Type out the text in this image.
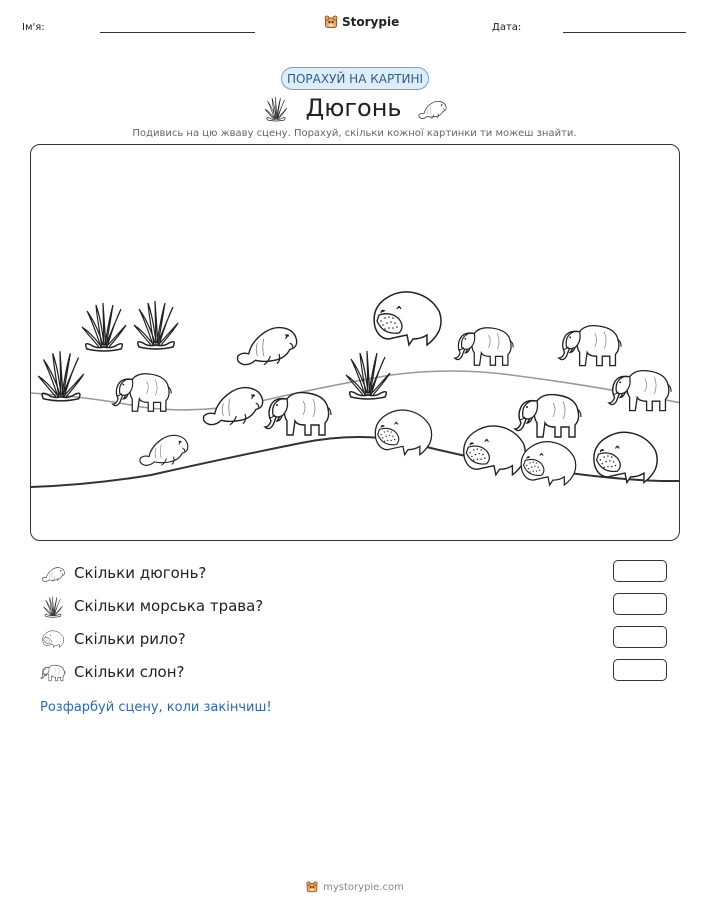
Ім'я:	Storypie	Дата:
ПОРАХУЙ НА КАРТИНІ
Дюгонь
Подивись на цю жваву сцену. Порахуй, скільки кожної картинки ти можеш знайти.
Скільки дюгонь?
Скільки морська трава?
Скільки рило?
Скільки слон?
Розфарбуй сцену, коли закінчиш!
mystorypie.com
